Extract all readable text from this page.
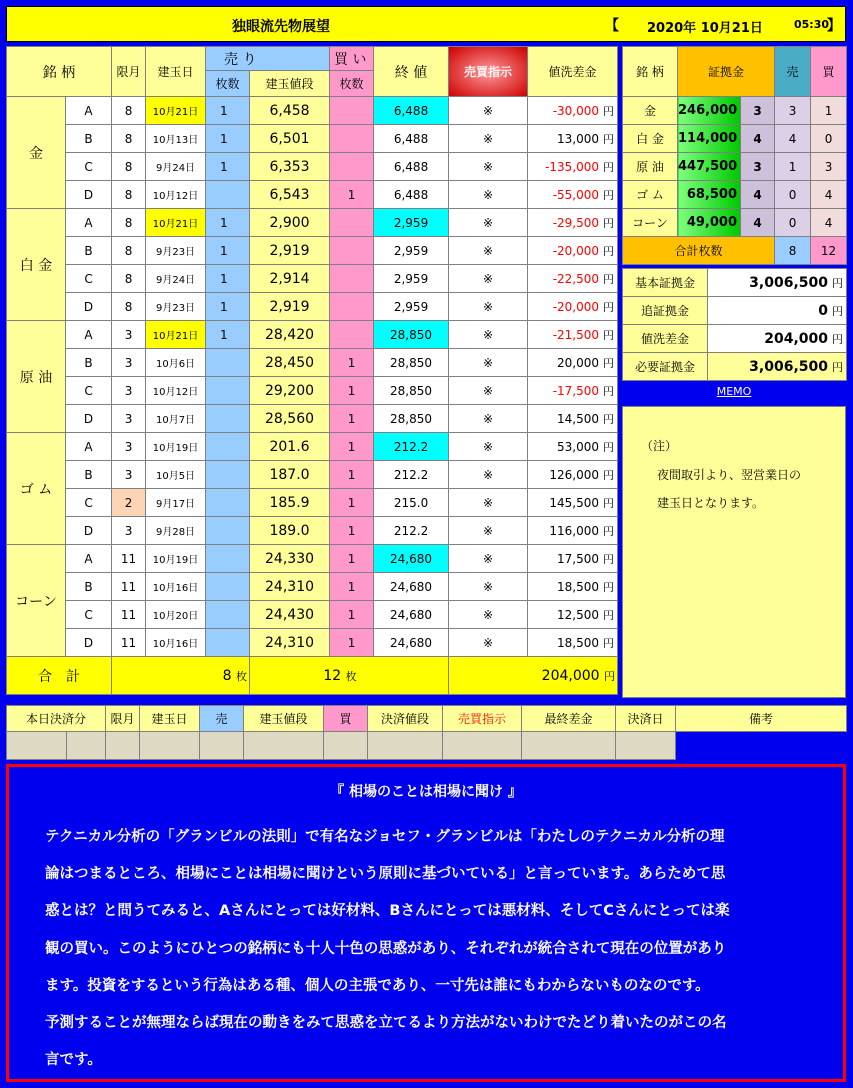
独眼流先物展望	【 2020年 10月21日	05:30
】
銘 柄		限月	建玉日	売 り		買 い	終 値	売買指示	値洗差金
				枚数	建玉値段	枚数			
金	A	8	10月21日	1	6,458		6,488	※	-30,000 円
	B	8	10月13日	1	6,501		6,488	※	13,000 円
	C	8	9月24日	1	6,353		6,488	※	-135,000 円
	D	8	10月12日		6,543	1	6,488	※	-55,000 円
白 金	A	8	10月21日	1	2,900		2,959	※	-29,500 円
	B	8	9月23日	1	2,919		2,959	※	-20,000 円
	C	8	9月24日	1	2,914		2,959	※	-22,500 円
	D	8	9月23日	1	2,919		2,959	※	-20,000 円
原 油	A	3	10月21日	1	28,420		28,850	※	-21,500 円
	B	3	10月6日		28,450	1	28,850	※	20,000 円
	C	3	10月12日		29,200	1	28,850	※	-17,500 円
	D	3	10月7日		28,560	1	28,850	※	14,500 円
ゴ ム	A	3	10月19日		201.6	1	212.2	※	53,000 円
	B	3	10月5日		187.0	1	212.2	※	126,000 円
	C	2	9月17日		185.9	1	215.0	※	145,500 円
	D	3	9月28日		189.0	1	212.2	※	116,000 円
コーン	A	11	10月19日		24,330	1	24,680	※	17,500 円
	B	11	10月16日		24,310	1	24,680	※	18,500 円
	C	11	10月20日		24,430	1	24,680	※	12,500 円
	D	11	10月16日		24,310	1	24,680	※	18,500 円
合　計		8 枚			12 枚			204,000 円	
銘 柄	証拠金		売	買
金	246,000	3	3	1
白 金	114,000	4	4	0
原 油	447,500	3	1	3
ゴ ム	68,500	4	0	4
コーン	49,000	4	0	4
合計枚数			8	12
基本証拠金	3,006,500 円
追証拠金	0 円
値洗差金	204,000 円
必要証拠金	3,006,500 円
MEMO
（注）
夜間取引より、翌営業日の
建玉日となります。
本日決済分		限月	建玉日	売	建玉値段	買	決済値段	売買指示	最終差金	決済日	備考

『 相場のことは相場に聞け 』
テクニカル分析の「グランビルの法則」で有名なジョセフ・グランビルは「わたしのテクニカル分析の理
論はつまるところ、相場にことは相場に聞けという原則に基づいている」と言っています。あらためて思
惑とは？と問うてみると、Aさんにとっては好材料、Bさんにとっては悪材料、そしてCさんにとっては楽
観の買い。このようにひとつの銘柄にも十人十色の思惑があり、それぞれが統合されて現在の位置があり
ます。投資をするという行為はある種、個人の主張であり、一寸先は誰にもわからないものなのです。
予測することが無理ならば現在の動きをみて思惑を立てるより方法がないわけでたどり着いたのがこの名
言です。
